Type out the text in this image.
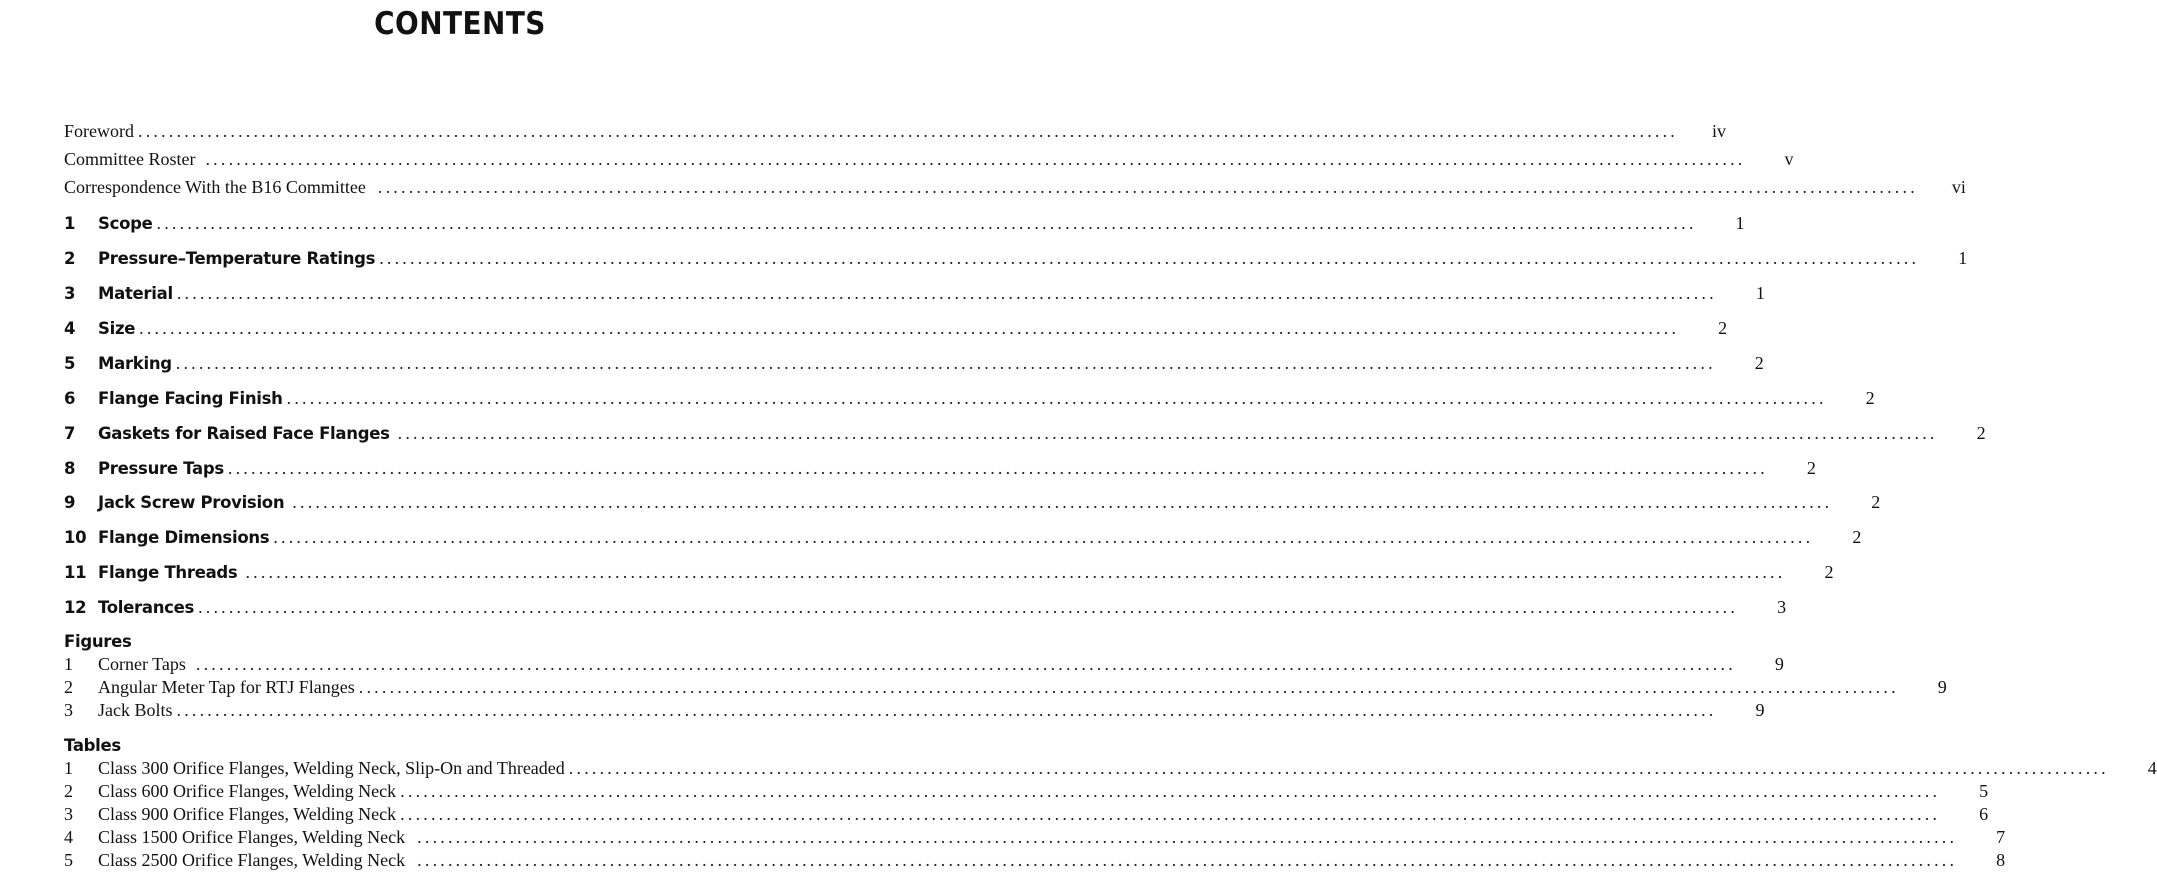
CONTENTS
Foreword ........................................................................................................................................................................................................	iv
Committee Roster ........................................................................................................................................................................................................	v
Correspondence With the B16 Committee ........................................................................................................................................................................................................	vi
1	Scope ........................................................................................................................................................................................................	1
2	Pressure–Temperature Ratings ........................................................................................................................................................................................................	1
3	Material ........................................................................................................................................................................................................	1
4	Size ........................................................................................................................................................................................................	2
5	Marking ........................................................................................................................................................................................................	2
6	Flange Facing Finish ........................................................................................................................................................................................................	2
7	Gaskets for Raised Face Flanges ........................................................................................................................................................................................................	2
8	Pressure Taps ........................................................................................................................................................................................................	2
9	Jack Screw Provision ........................................................................................................................................................................................................	2
10 Flange Dimensions ........................................................................................................................................................................................................	2
11 Flange Threads ........................................................................................................................................................................................................	2
12 Tolerances ........................................................................................................................................................................................................	3
Figures
1	Corner Taps ........................................................................................................................................................................................................	9
2	Angular Meter Tap for RTJ Flanges ........................................................................................................................................................................................................	9
3	Jack Bolts ........................................................................................................................................................................................................	9
Tables
1	Class 300 Orifice Flanges, Welding Neck, Slip-On and Threaded ........................................................................................................................................................................................................	4
2	Class 600 Orifice Flanges, Welding Neck ........................................................................................................................................................................................................	5
3	Class 900 Orifice Flanges, Welding Neck ........................................................................................................................................................................................................	6
4	Class 1500 Orifice Flanges, Welding Neck ........................................................................................................................................................................................................	7
5	Class 2500 Orifice Flanges, Welding Neck ........................................................................................................................................................................................................	8
